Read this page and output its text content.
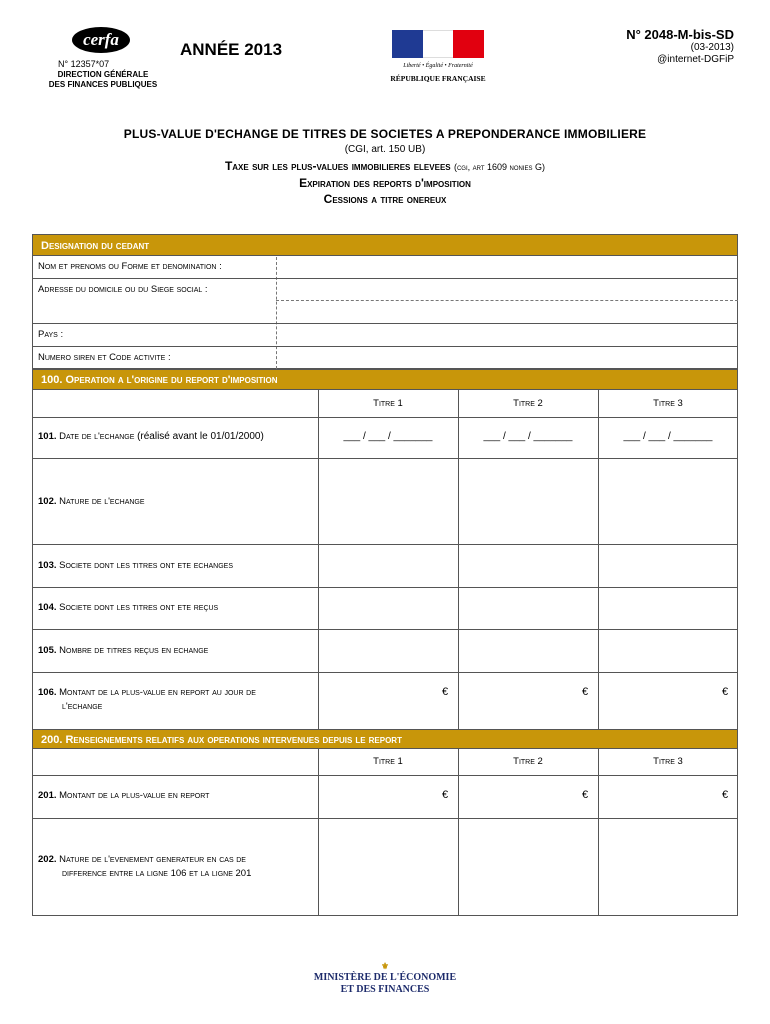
cerfa
N° 12357*07
DIRECTION GÉNÉRALE
DES FINANCES PUBLIQUES
ANNÉE 2013
Liberté • Égalité • Fraternité
RÉPUBLIQUE FRANÇAISE
N° 2048-M-bis-SD
(03-2013)
@internet-DGFiP
PLUS-VALUE D'ECHANGE DE TITRES DE SOCIETES A PREPONDERANCE IMMOBILIERE
(CGI, art. 150 UB)
Taxe sur les plus-values immobilieres elevees (cgi, art 1609 nonies G)
Expiration des reports d'imposition
Cessions a titre onereux
Designation du cedant
Nom et prenoms ou Forme et denomination :
Adresse du domicile ou du Siege social :
Pays :
Numero siren et Code activite :
100. Operation a l'origine du report d'imposition
Titre 1	Titre 2	Titre 3
101. Date de l'echange (réalisé avant le 01/01/2000)	___ / ___ / _______	___ / ___ / _______	___ / ___ / _______
102. Nature de l'echange
103. Societe dont les titres ont ete echanges
104. Societe dont les titres ont ete reçus
105. Nombre de titres reçus en echange
106. Montant de la plus-value en report au jour de
l'echange
€	€	€
200. Renseignements relatifs aux operations intervenues depuis le report
Titre 1	Titre 2	Titre 3
201. Montant de la plus-value en report	€	€	€
202. Nature de l'evenement generateur en cas de
difference entre la ligne 106 et la ligne 201
⚜
MINISTÈRE DE L'ÉCONOMIE
ET DES FINANCES
